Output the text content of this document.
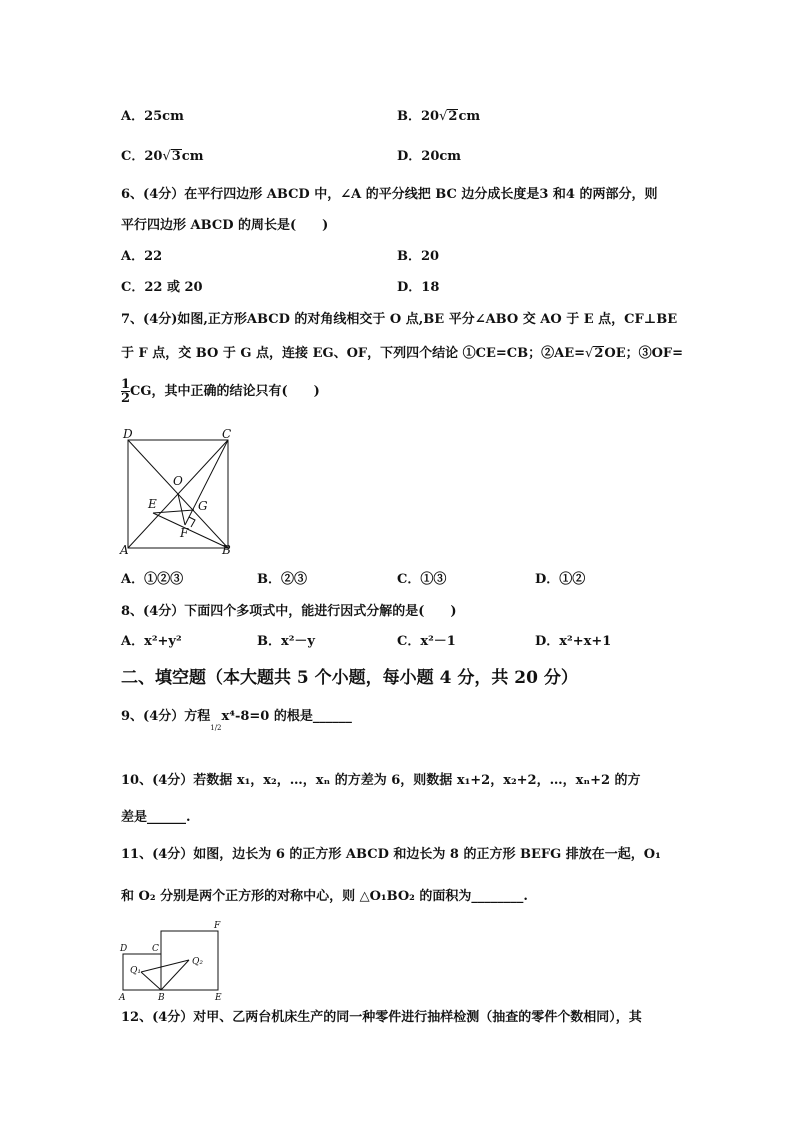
A．25cm	B．20√2cm
C．20√3cm	D．20cm
6、(4分）在平行四边形 ABCD 中，∠A 的平分线把 BC 边分成长度是3 和4 的两部分，则
平行四边形 ABCD 的周长是(　　)
A．22	B．20
C．22 或 20	D．18
7、(4分)如图,正方形ABCD 的对角线相交于 O 点,BE 平分∠ABO 交 AO 于 E 点，CF⊥BE
于 F 点，交 BO 于 G 点，连接 EG、OF，下列四个结论 ①CE=CB；②AE=√2OE；③OF=
$\frac{1}{2}$ CG，其中正确的结论只有(　　)
D	C
O
E	G
F
A	B
A．①②③	B．②③	C．①③	D．①②
8、(4分）下面四个多项式中，能进行因式分解的是(　　)
A．x²+y²	B．x²－y	C．x²－1	D．x²+x+1
二、填空题（本大题共 5 个小题，每小题 4 分，共 20 分）
9、(4分）方程$_{1/2}$x⁴-8=0 的根是______
10、(4分）若数据 x₁，x₂，…，xₙ 的方差为 6，则数据 x₁+2，x₂+2，…，xₙ+2 的方
差是______.
11、(4分）如图，边长为 6 的正方形 ABCD 和边长为 8 的正方形 BEFG 排放在一起，O₁
和 O₂ 分别是两个正方形的对称中心，则 △O₁BO₂ 的面积为________.
D	C
F
Q₁
Q₂
A	B	E
12、(4分）对甲、乙两台机床生产的同一种零件进行抽样检测（抽查的零件个数相同），其
